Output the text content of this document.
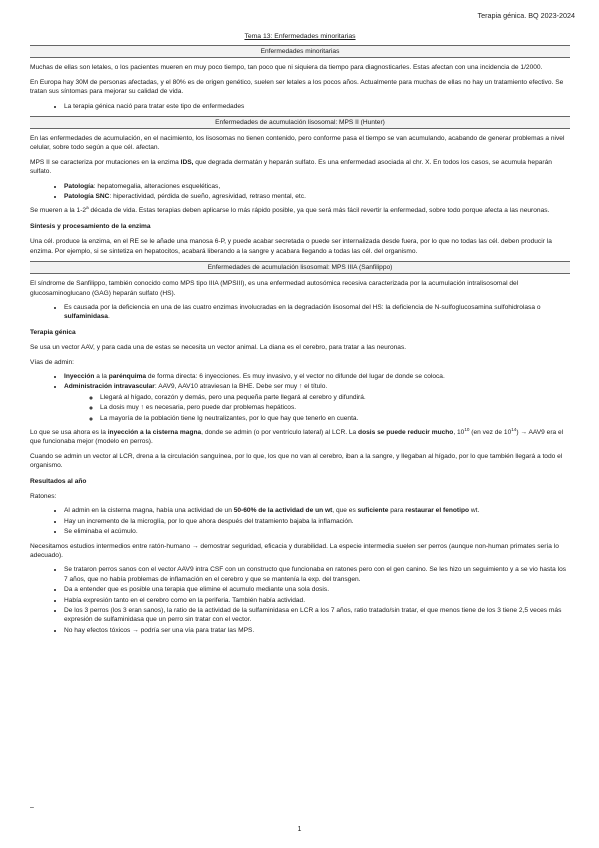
Terapia génica. BQ 2023-2024
Tema 13: Enfermedades minoritarias
Enfermedades minoritarias

Muchas de ellas son letales, o los pacientes mueren en muy poco tiempo, tan poco que ni siquiera da tiempo para diagnosticarles. Estas afectan con una incidencia de 1/2000.

En Europa hay 30M de personas afectadas, y el 80% es de origen genético, suelen ser letales a los pocos años. Actualmente para muchas de ellas no hay un tratamiento efectivo. Se tratan sus síntomas para mejorar su calidad de vida.

• La terapia génica nació para tratar este tipo de enfermedades
Enfermedades de acumulación lisosomal: MPS II (Hunter)

En las enfermedades de acumulación, en el nacimiento, los lisosomas no tienen contenido, pero conforme pasa el tiempo se van acumulando, acabando de generar problemas a nivel celular, sobre todo según a que cél. afectan.

MPS II se caracteriza por mutaciones en la enzima IDS, que degrada dermatán y heparán sulfato. Es una enfermedad asociada al chr. X. En todos los casos, se acumula heparán sulfato.

• Patología: hepatomegalia, alteraciones esqueléticas,
• Patología SNC: hiperactividad, pérdida de sueño, agresividad, retraso mental, etc.

Se mueren a la 1-2$^a$ década de vida. Estas terapias deben aplicarse lo más rápido posible, ya que será más fácil revertir la enfermedad, sobre todo porque afecta a las neuronas.

Síntesis y procesamiento de la enzima

Una cél. produce la enzima, en el RE se le añade una manosa 6-P, y puede acabar secretada o puede ser internalizada desde fuera, por lo que no todas las cél. deben producir la enzima. Por ejemplo, si se sintetiza en hepatocitos, acabará liberando a la sangre y acabara llegando a todas las cél. del organismo.

Enfermedades de acumulación lisosomal: MPS IIIA (Sanfilippo)

El síndrome de Sanfilippo, también conocido como MPS tipo IIIA (MPSIII), es una enfermedad autosómica recesiva caracterizada por la acumulación intralisosomal del glucosaminoglucano (GAG) heparán sulfato (HS).

• Es causada por la deficiencia en una de las cuatro enzimas involucradas en la degradación lisosomal del HS: la deficiencia de N-sulfoglucosamina sulfohidrolasa o sulfaminidasa.
Terapia génica

Se usa un vector AAV, y para cada una de estas se necesita un vector animal. La diana es el cerebro, para tratar a las neuronas.

Vías de admin:

• Inyección a la parénquima de forma directa: 6 inyecciones. Es muy invasivo, y el vector no difunde del lugar de donde se coloca.
• Administración intravascular: AAV9, AAV10 atraviesan la BHE. Debe ser muy ↑ el título.
◦ Llegará al hígado, corazón y demás, pero una pequeña parte llegará al cerebro y difundirá.
◦ La dosis muy ↑ es necesaria, pero puede dar problemas hepáticos.
◦ La mayoría de la población tiene Ig neutralizantes, por lo que hay que tenerlo en cuenta.

Lo que se usa ahora es la inyección a la cisterna magna, donde se admin (o por ventrículo lateral) al LCR. La dosis se puede reducir mucho, $10^{10}$ (en vez de $10^{14}) \to AAV9$ era el que funcionaba mejor (modelo en perros).

Cuando se admin un vector al LCR, drena a la circulación sanguínea, por lo que, los que no van al cerebro, iban a la sangre, y llegaban al hígado, por lo que también llegará a todo el organismo.

Resultados al año

Ratones:

• Al admin en la cisterna magna, había una actividad de un 50-60% de la actividad de un wt, que es suficiente para restaurar el fenotipo wt.
• Hay un incremento de la microglía, por lo que ahora después del tratamiento bajaba la inflamación.
• Se eliminaba el acúmulo.

Necesitamos estudios intermedios entre ratón-humano → demostrar seguridad, eficacia y durabilidad. La especie intermedia suelen ser perros (aunque non-human primates sería lo adecuado).

• Se trataron perros sanos con el vector AAV9 intra CSF con un constructo que funcionaba en ratones pero con el gen canino. Se les hizo un seguimiento y a se vio hasta los 7 años, que no había problemas de inflamación en el cerebro y que se mantenía la exp. del transgen.
• Da a entender que es posible una terapia que elimine el acumulo mediante una sola dosis.
• Había expresión tanto en el cerebro como en la periferia. También había actividad.
• De los 3 perros (los 3 eran sanos), la ratio de la actividad de la sulfaminidasa en LCR a los 7 años, ratio tratado/sin tratar, el que menos tiene de los 3 tiene 2,5 veces más expresión de sulfaminidasa que un perro sin tratar con el vector.
• No hay efectos tóxicos → podría ser una vía para tratar las MPS.
–
1
